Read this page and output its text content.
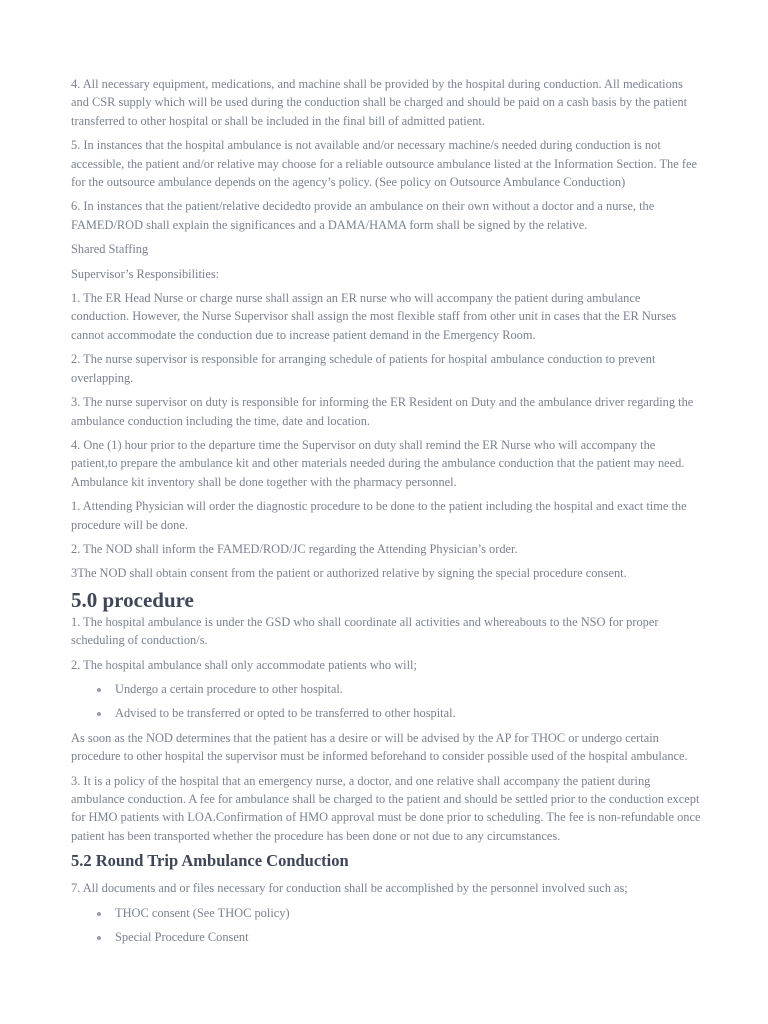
4. All necessary equipment, medications, and machine shall be provided by the hospital during conduction. All medications and CSR supply which will be used during the conduction shall be charged and should be paid on a cash basis by the patient transferred to other hospital or shall be included in the final bill of admitted patient.

5. In instances that the hospital ambulance is not available and/or necessary machine/s needed during conduction is not accessible, the patient and/or relative may choose for a reliable outsource ambulance listed at the Information Section. The fee for the outsource ambulance depends on the agency’s policy. (See policy on Outsource Ambulance Conduction)

6. In instances that the patient/relative decidedto provide an ambulance on their own without a doctor and a nurse, the FAMED/ROD shall explain the significances and a DAMA/HAMA form shall be signed by the relative.

Shared Staffing

Supervisor’s Responsibilities:

1. The ER Head Nurse or charge nurse shall assign an ER nurse who will accompany the patient during ambulance conduction. However, the Nurse Supervisor shall assign the most flexible staff from other unit in cases that the ER Nurses cannot accommodate the conduction due to increase patient demand in the Emergency Room.

2. The nurse supervisor is responsible for arranging schedule of patients for hospital ambulance conduction to prevent overlapping.

3. The nurse supervisor on duty is responsible for informing the ER Resident on Duty and the ambulance driver regarding the ambulance conduction including the time, date and location.

4. One (1) hour prior to the departure time the Supervisor on duty shall remind the ER Nurse who will accompany the patient,to prepare the ambulance kit and other materials needed during the ambulance conduction that the patient may need. Ambulance kit inventory shall be done together with the pharmacy personnel.

1. Attending Physician will order the diagnostic procedure to be done to the patient including the hospital and exact time the procedure will be done.

2. The NOD shall inform the FAMED/ROD/JC regarding the Attending Physician’s order.

3The NOD shall obtain consent from the patient or authorized relative by signing the special procedure consent.

5.0 procedure

1. The hospital ambulance is under the GSD who shall coordinate all activities and whereabouts to the NSO for proper scheduling of conduction/s.

2. The hospital ambulance shall only accommodate patients who will;

Undergo a certain procedure to other hospital.
Advised to be transferred or opted to be transferred to other hospital.

As soon as the NOD determines that the patient has a desire or will be advised by the AP for THOC or undergo certain procedure to other hospital the supervisor must be informed beforehand to consider possible used of the hospital ambulance.

3. It is a policy of the hospital that an emergency nurse, a doctor, and one relative shall accompany the patient during ambulance conduction. A fee for ambulance shall be charged to the patient and should be settled prior to the conduction except for HMO patients with LOA.Confirmation of HMO approval must be done prior to scheduling. The fee is non-refundable once patient has been transported whether the procedure has been done or not due to any circumstances.

5.2 Round Trip Ambulance Conduction

7. All documents and or files necessary for conduction shall be accomplished by the personnel involved such as;

THOC consent (See THOC policy)
Special Procedure Consent
